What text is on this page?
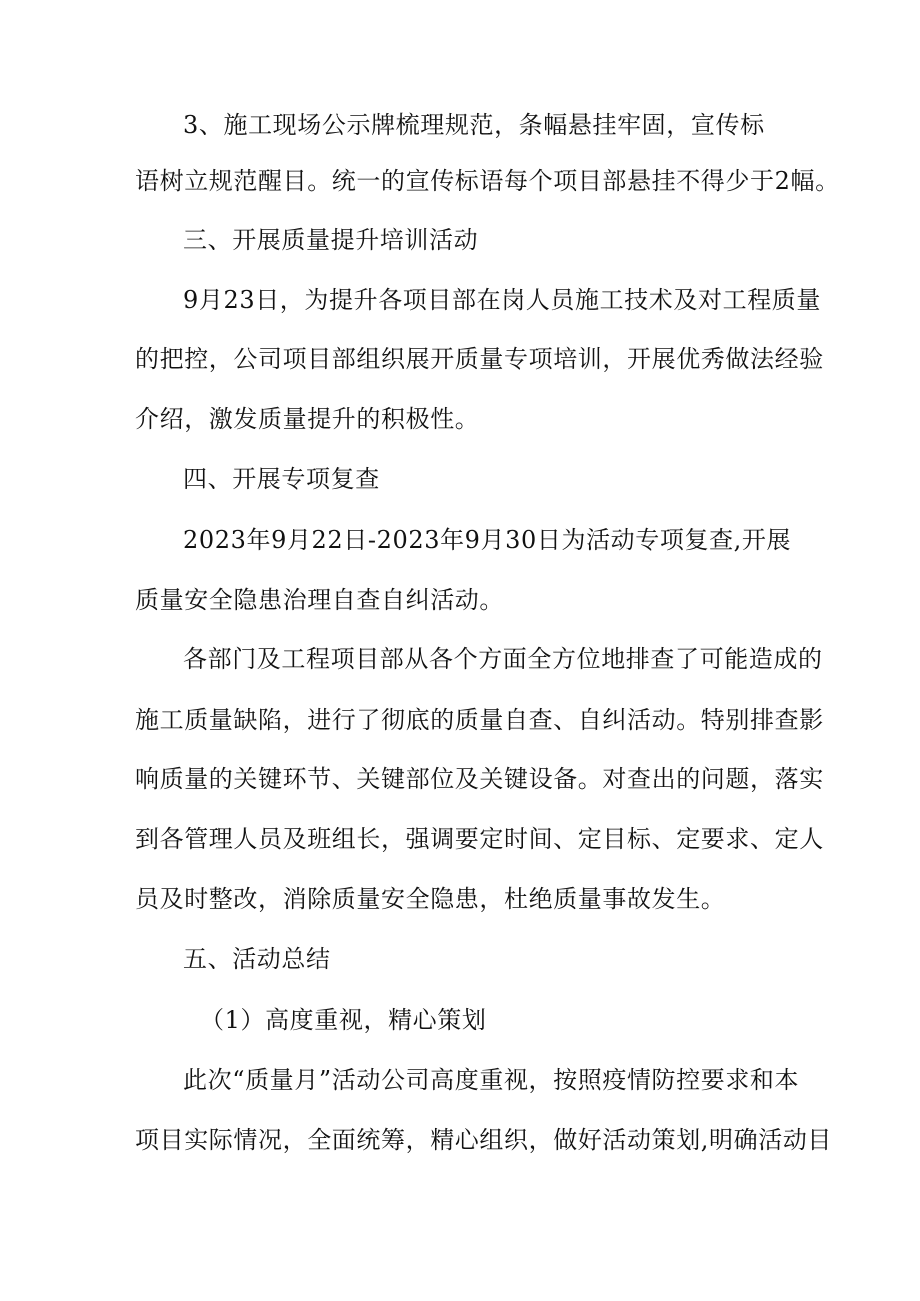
3、施工现场公示牌梳理规范，条幅悬挂牢固，宣传标
语树立规范醒目。统一的宣传标语每个项目部悬挂不得少于2幅。
三、开展质量提升培训活动
9月23日，为提升各项目部在岗人员施工技术及对工程质量
的把控，公司项目部组织展开质量专项培训，开展优秀做法经验
介绍，激发质量提升的积极性。
四、开展专项复查
2023年9月22日-2023年9月30日为活动专项复查,开展
质量安全隐患治理自查自纠活动。
各部门及工程项目部从各个方面全方位地排查了可能造成的
施工质量缺陷，进行了彻底的质量自查、自纠活动。特别排查影
响质量的关键环节、关键部位及关键设备。对查出的问题，落实
到各管理人员及班组长，强调要定时间、定目标、定要求、定人
员及时整改，消除质量安全隐患，杜绝质量事故发生。
五、活动总结
（1）高度重视，精心策划
此次“质量月”活动公司高度重视，按照疫情防控要求和本
项目实际情况，全面统筹，精心组织，做好活动策划,明确活动目
